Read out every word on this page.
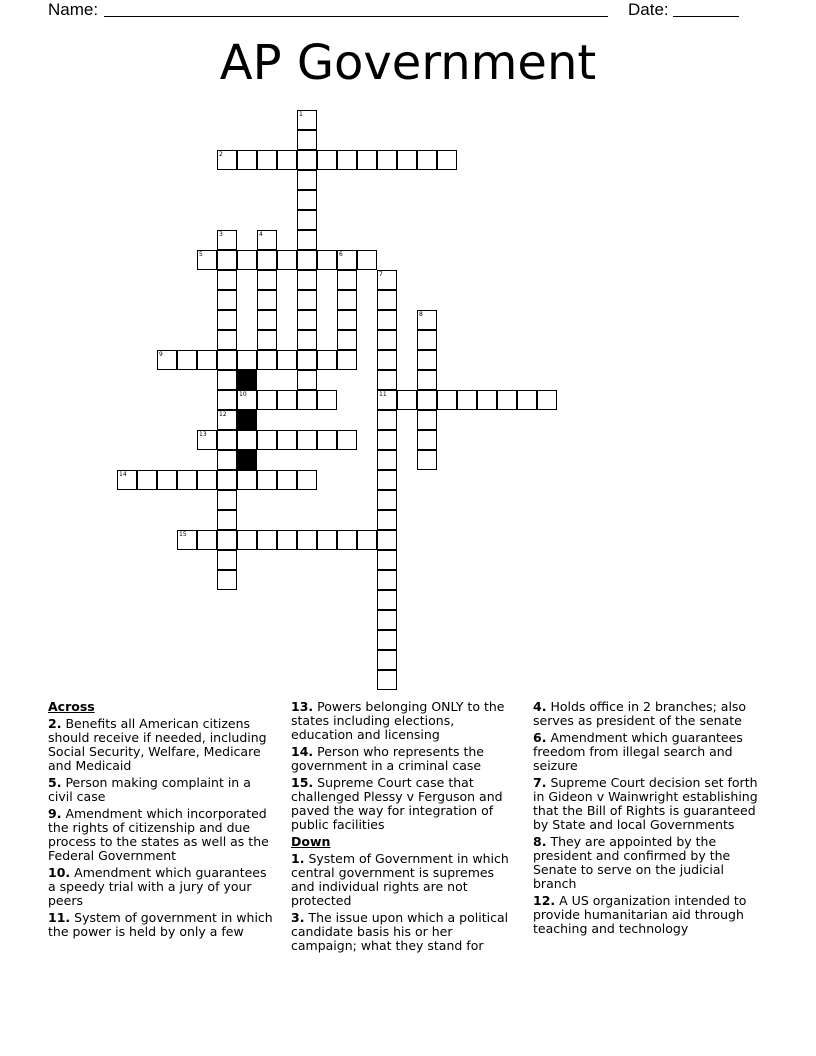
Name:	Date:
AP Government
1
2
3	4
5	6
7
8
9
10	11
12
13
14
15
Across
2. Benefits all American citizens should receive if needed, including Social Security, Welfare, Medicare and Medicaid
5. Person making complaint in a civil case
9. Amendment which incorporated the rights of citizenship and due process to the states as well as the Federal Government
10. Amendment which guarantees a speedy trial with a jury of your peers
11. System of government in which the power is held by only a few
13. Powers belonging ONLY to the states including elections, education and licensing
14. Person who represents the government in a criminal case
15. Supreme Court case that challenged Plessy v Ferguson and paved the way for integration of public facilities
Down
1. System of Government in which central government is supremes and individual rights are not protected
3. The issue upon which a political candidate basis his or her campaign; what they stand for
4. Holds office in 2 branches; also serves as president of the senate
6. Amendment which guarantees freedom from illegal search and seizure
7. Supreme Court decision set forth in Gideon v Wainwright establishing that the Bill of Rights is guaranteed by State and local Governments
8. They are appointed by the president and confirmed by the Senate to serve on the judicial branch
12. A US organization intended to provide humanitarian aid through teaching and technology
